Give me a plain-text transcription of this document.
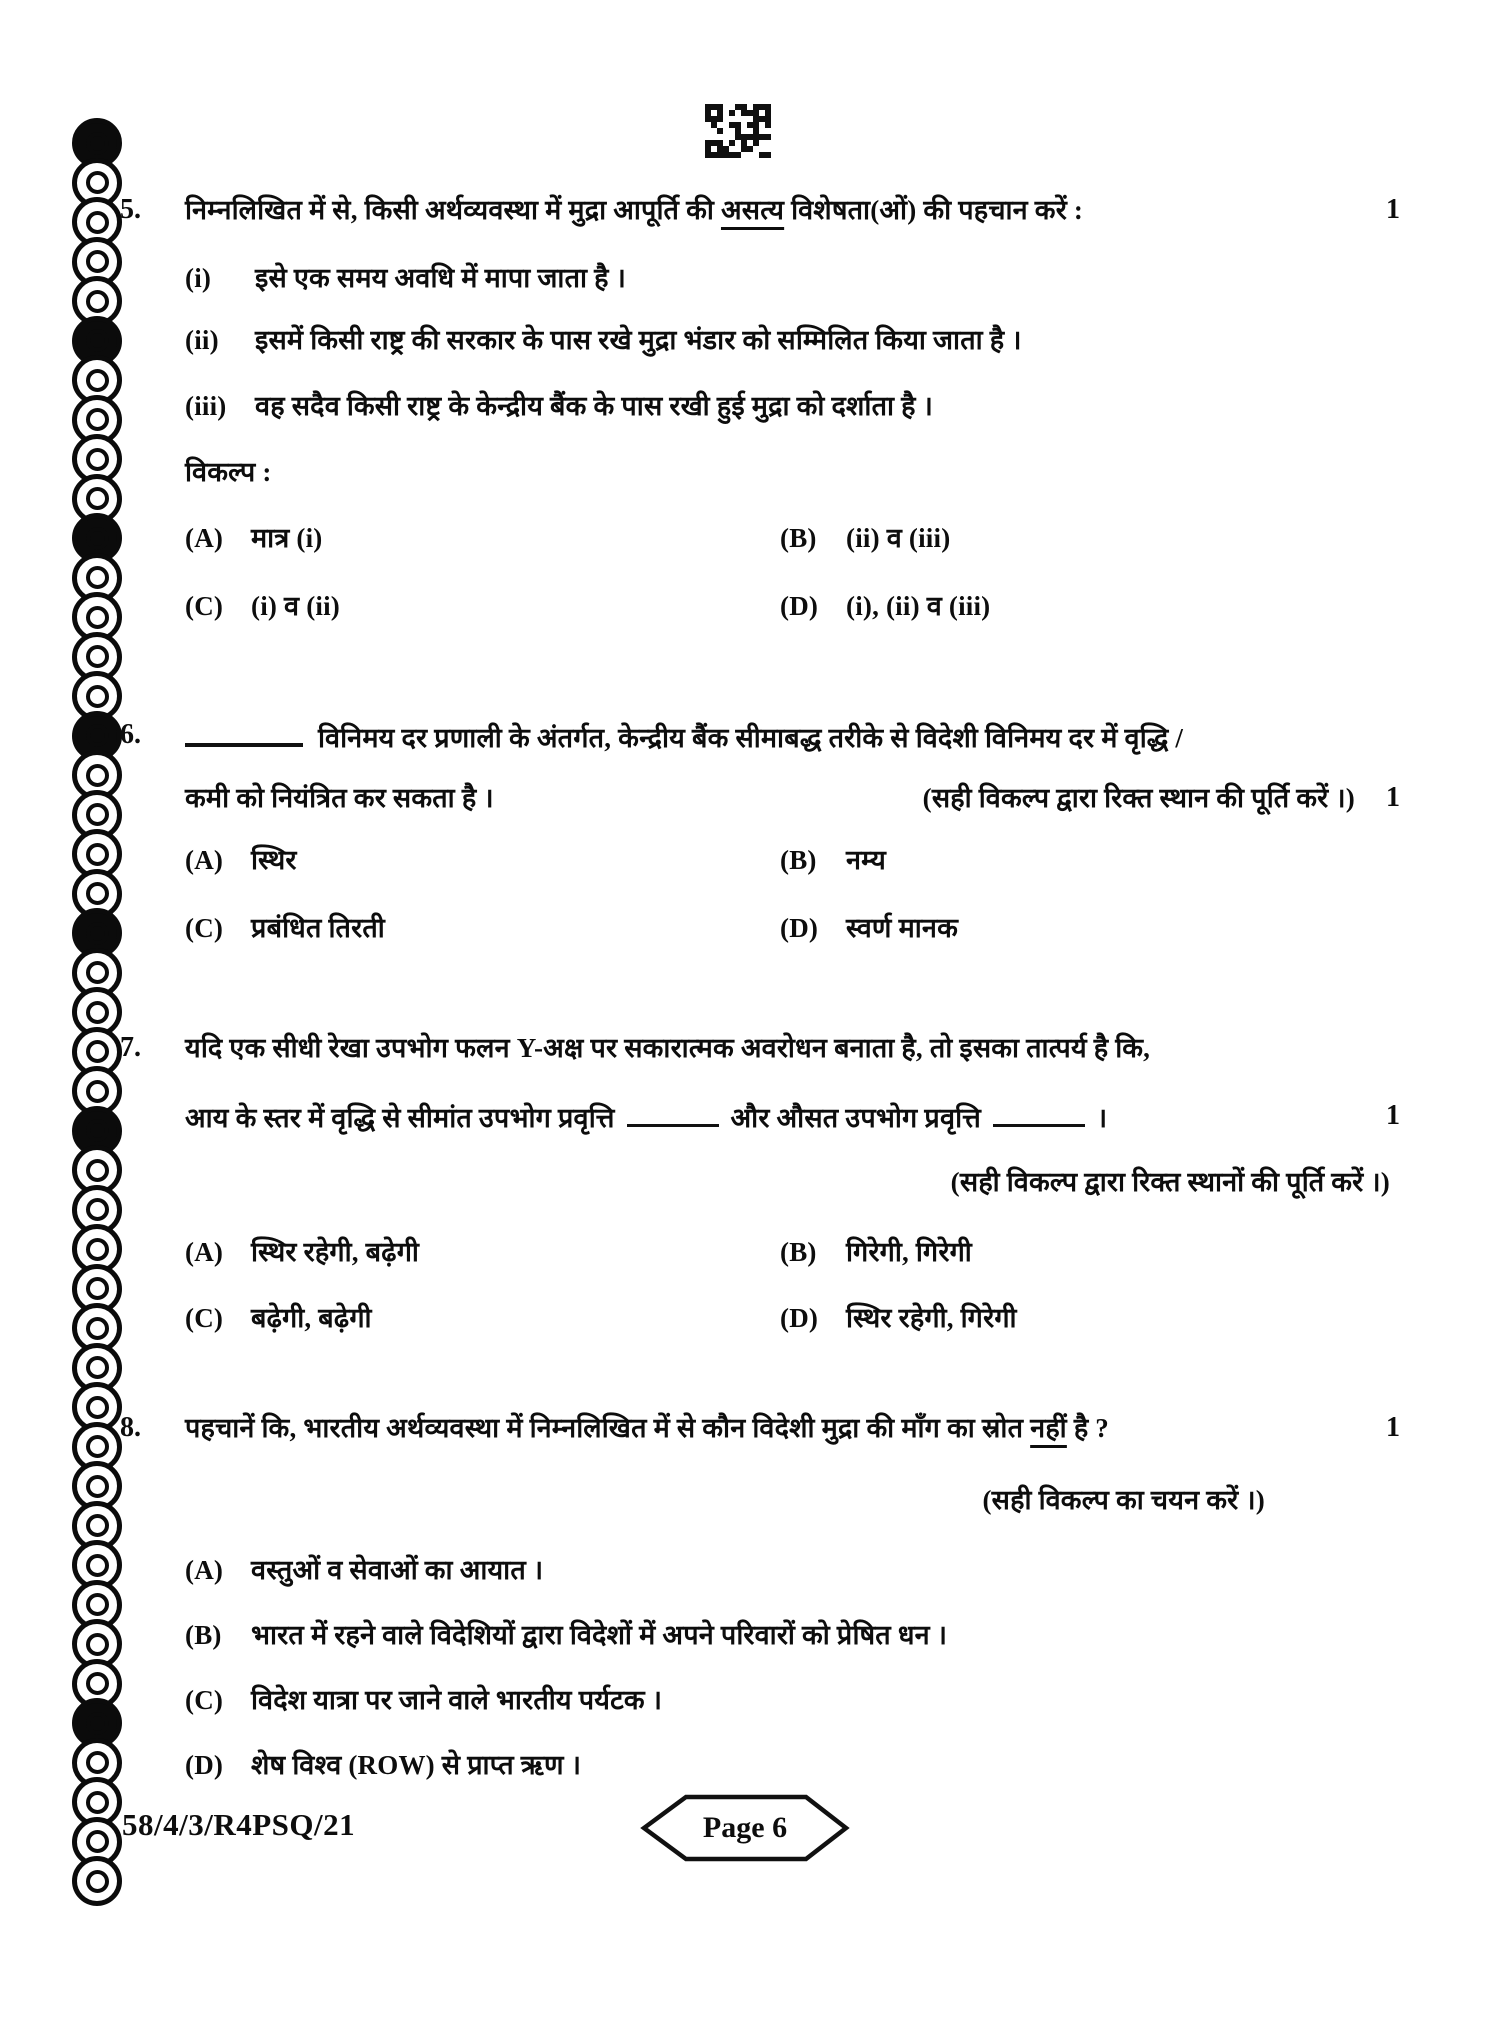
5. निम्नलिखित में से, किसी अर्थव्यवस्था में मुद्रा आपूर्ति की असत्य विशेषता(ओं) की पहचान करें :	1
(i)	इसे एक समय अवधि में मापा जाता है ।
(ii)	इसमें किसी राष्ट्र की सरकार के पास रखे मुद्रा भंडार को सम्मिलित किया जाता है ।
(iii)	वह सदैव किसी राष्ट्र के केन्द्रीय बैंक के पास रखी हुई मुद्रा को दर्शाता है ।
विकल्प :
(A)	मात्र (i)	(B)	(ii) व (iii)
(C)	(i) व (ii)	(D)	(i), (ii) व (iii)
6.	विनिमय दर प्रणाली के अंतर्गत, केन्द्रीय बैंक सीमाबद्ध तरीके से विदेशी विनिमय दर में वृद्धि /
कमी को नियंत्रित कर सकता है ।	(सही विकल्प द्वारा रिक्त स्थान की पूर्ति करें ।)	1
(A)	स्थिर	(B)	नम्य
(C)	प्रबंधित तिरती	(D)	स्वर्ण मानक
7. यदि एक सीधी रेखा उपभोग फलन Y-अक्ष पर सकारात्मक अवरोधन बनाता है, तो इसका तात्पर्य है कि,
आय के स्तर में वृद्धि से सीमांत उपभोग प्रवृत्ति	और औसत उपभोग प्रवृत्ति	।	1
(सही विकल्प द्वारा रिक्त स्थानों की पूर्ति करें ।)
(A)	स्थिर रहेगी, बढ़ेगी	(B)	गिरेगी, गिरेगी
(C)	बढ़ेगी, बढ़ेगी	(D)	स्थिर रहेगी, गिरेगी
8. पहचानें कि, भारतीय अर्थव्यवस्था में निम्नलिखित में से कौन विदेशी मुद्रा की माँग का स्रोत नहीं है ?	1
(सही विकल्प का चयन करें ।)
(A)	वस्तुओं व सेवाओं का आयात ।
(B)	भारत में रहने वाले विदेशियों द्वारा विदेशों में अपने परिवारों को प्रेषित धन ।
(C)	विदेश यात्रा पर जाने वाले भारतीय पर्यटक ।
(D)	शेष विश्व (ROW) से प्राप्त ऋण ।
58/4/3/R4PSQ/21	Page 6
